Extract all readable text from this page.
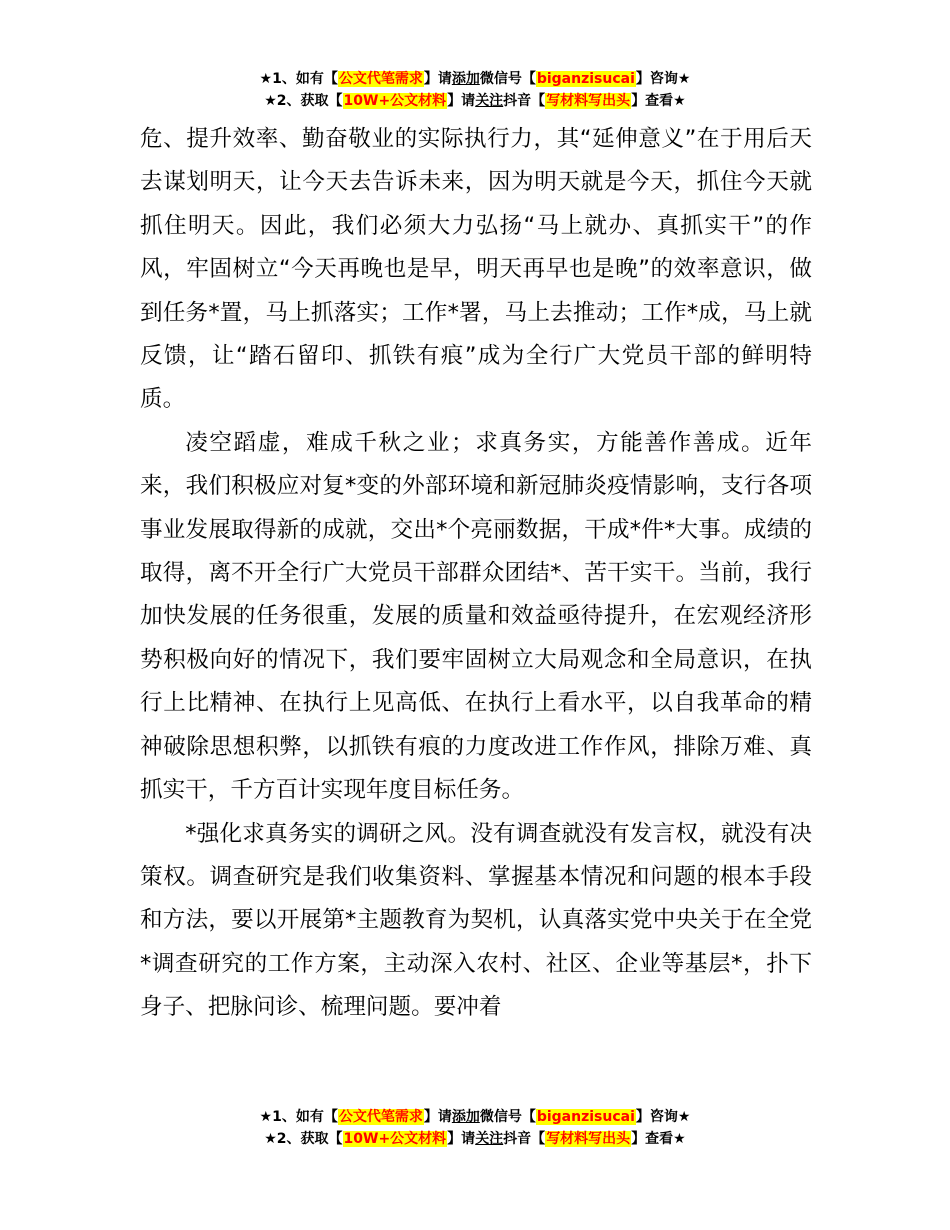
★1、如有【公文代笔需求】请添加微信号【biganzisucai】咨询★
★2、获取【10W+公文材料】请关注抖音【写材料写出头】查看★

危、提升效率、勤奋敬业的实际执行力，其“延伸意义”在于用后天去谋划明天，让今天去告诉未来，因为明天就是今天，抓住今天就抓住明天。因此，我们必须大力弘扬“马上就办、真抓实干”的作风，牢固树立“今天再晚也是早，明天再早也是晚”的效率意识，做到任务*置，马上抓落实；工作*署，马上去推动；工作*成，马上就反馈，让“踏石留印、抓铁有痕”成为全行广大党员干部的鲜明特质。

凌空蹈虚，难成千秋之业；求真务实，方能善作善成。近年来，我们积极应对复*变的外部环境和新冠肺炎疫情影响，支行各项事业发展取得新的成就，交出*个亮丽数据，干成*件*大事。成绩的取得，离不开全行广大党员干部群众团结*、苦干实干。当前，我行加快发展的任务很重，发展的质量和效益亟待提升，在宏观经济形势积极向好的情况下，我们要牢固树立大局观念和全局意识，在执行上比精神、在执行上见高低、在执行上看水平，以自我革命的精神破除思想积弊，以抓铁有痕的力度改进工作作风，排除万难、真抓实干，千方百计实现年度目标任务。

*强化求真务实的调研之风。没有调查就没有发言权，就没有决策权。调查研究是我们收集资料、掌握基本情况和问题的根本手段和方法，要以开展第*主题教育为契机，认真落实党中央关于在全党*调查研究的工作方案，主动深入农村、社区、企业等基层*，扑下身子、把脉问诊、梳理问题。要冲着

★1、如有【公文代笔需求】请添加微信号【biganzisucai】咨询★
★2、获取【10W+公文材料】请关注抖音【写材料写出头】查看★
